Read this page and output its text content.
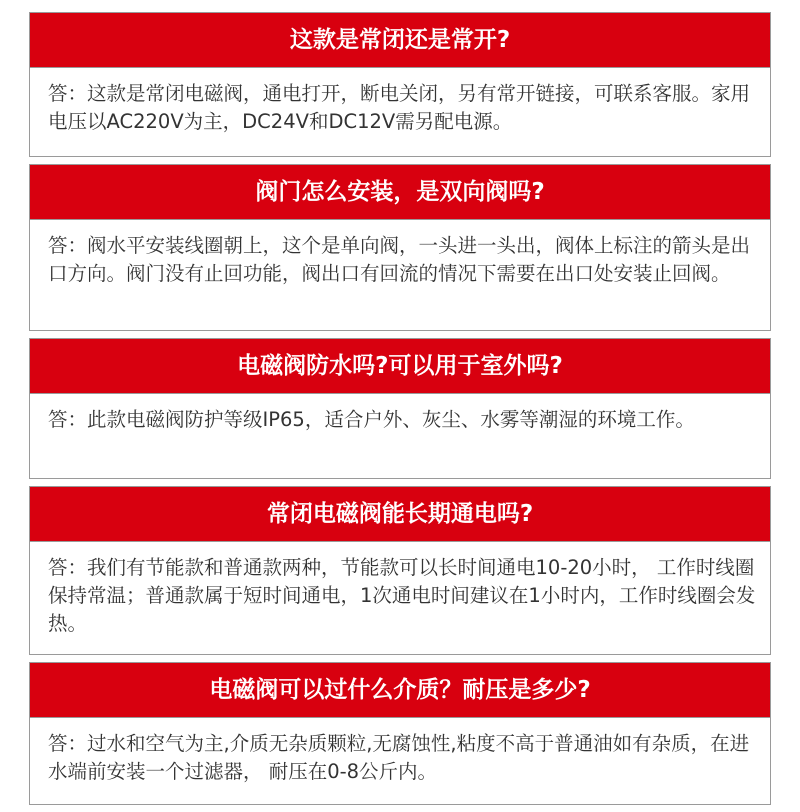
这款是常闭还是常开?
答：这款是常闭电磁阀，通电打开，断电关闭，另有常开链接，可联系客服。家用电压以AC220V为主，DC24V和DC12V需另配电源。
阀门怎么安装，是双向阀吗?
答：阀水平安装线圈朝上，这个是单向阀，一头进一头出，阀体上标注的箭头是出口方向。阀门没有止回功能，阀出口有回流的情况下需要在出口处安装止回阀。
电磁阀防水吗?可以用于室外吗?
答：此款电磁阀防护等级IP65，适合户外、灰尘、水雾等潮湿的环境工作。
常闭电磁阀能长期通电吗?
答：我们有节能款和普通款两种，节能款可以长时间通电10-20小时， 工作时线圈保持常温；普通款属于短时间通电，1次通电时间建议在1小时内，工作时线圈会发热。
电磁阀可以过什么介质？耐压是多少?
答：过水和空气为主,介质无杂质颗粒,无腐蚀性,粘度不高于普通油如有杂质，在进水端前安装一个过滤器， 耐压在0-8公斤内。
